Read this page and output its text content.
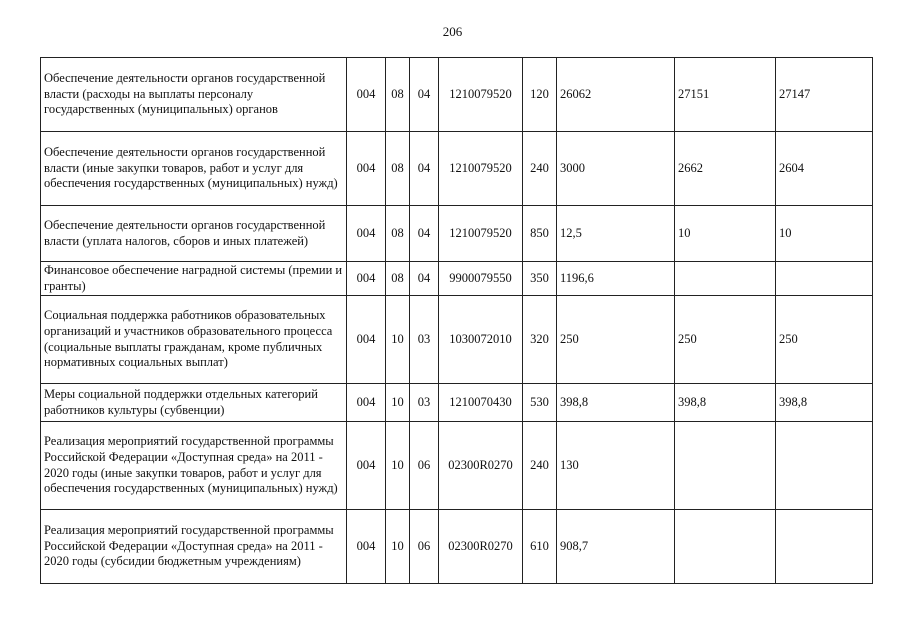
206
Обеспечение деятельности органов государственной власти (расходы на выплаты персоналу государственных (муниципальных) органов	004	08	04	1210079520	120	26062	27151	27147
Обеспечение деятельности органов государственной власти (иные закупки товаров, работ и услуг для обеспечения государственных (муниципальных) нужд)	004	08	04	1210079520	240	3000	2662	2604
Обеспечение деятельности органов государственной власти (уплата налогов, сборов и иных платежей)	004	08	04	1210079520	850	12,5	10	10
Финансовое обеспечение наградной системы (премии и гранты)	004	08	04	9900079550	350	1196,6		
Социальная поддержка работников образовательных организаций и участников образовательного процесса (социальные выплаты гражданам, кроме публичных нормативных социальных выплат)	004	10	03	1030072010	320	250	250	250
Меры социальной поддержки отдельных категорий работников культуры (субвенции)	004	10	03	1210070430	530	398,8	398,8	398,8
Реализация мероприятий государственной программы Российской Федерации «Доступная среда» на 2011 - 2020 годы (иные закупки товаров, работ и услуг для обеспечения государственных (муниципальных) нужд)	004	10	06	02300R0270	240	130		
Реализация мероприятий государственной программы Российской Федерации «Доступная среда» на 2011 - 2020 годы (субсидии бюджетным учреждениям)	004	10	06	02300R0270	610	908,7		
